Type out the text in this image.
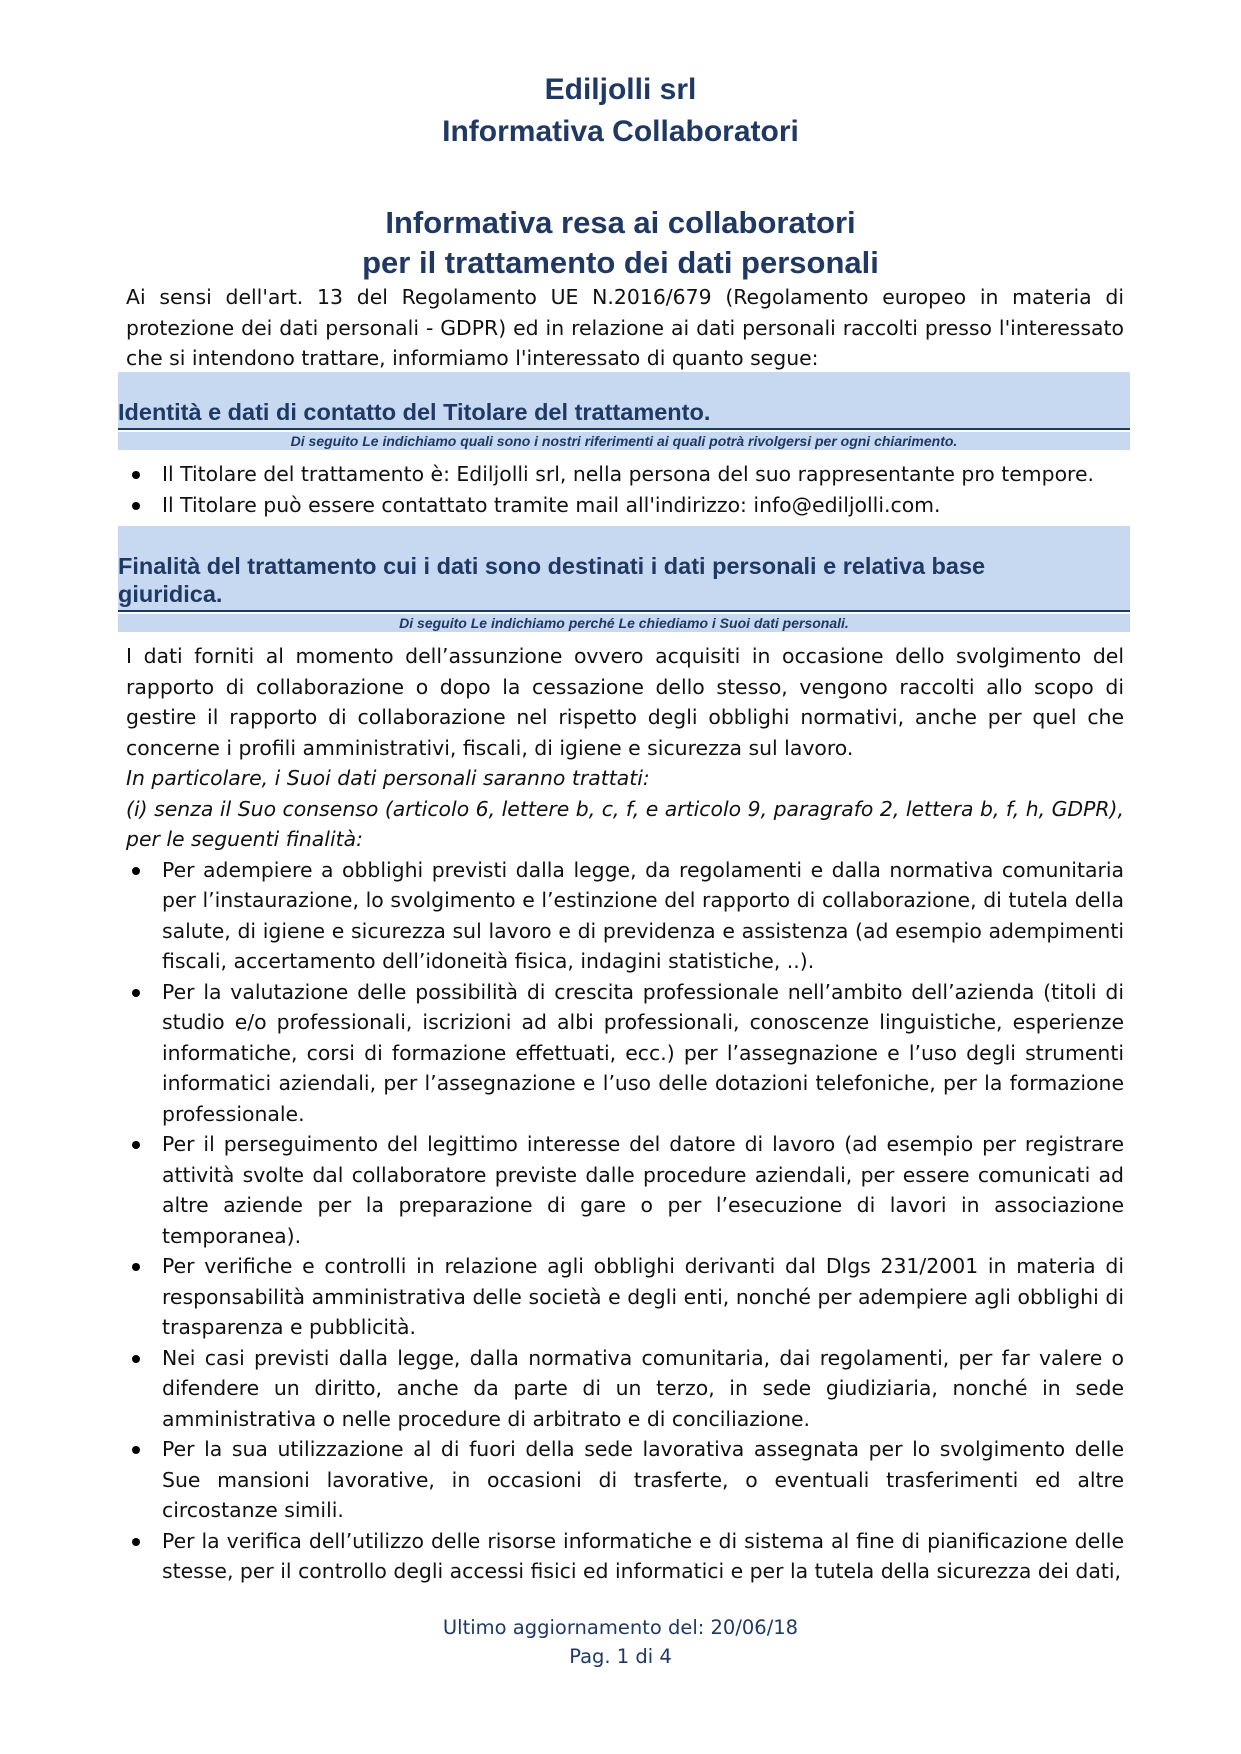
Ediljolli srl
Informativa Collaboratori
Informativa resa ai collaboratori
per il trattamento dei dati personali

Ai sensi dell'art. 13 del Regolamento UE N.2016/679 (Regolamento europeo in materia di protezione dei dati personali - GDPR) ed in relazione ai dati personali raccolti presso l'interessato che si intendono trattare, informiamo l'interessato di quanto segue:

Identità e dati di contatto del Titolare del trattamento.
Di seguito Le indichiamo quali sono i nostri riferimenti ai quali potrà rivolgersi per ogni chiarimento.
Il Titolare del trattamento è: Ediljolli srl, nella persona del suo rappresentante pro tempore.
Il Titolare può essere contattato tramite mail all'indirizzo: info@ediljolli.com.
Finalità del trattamento cui i dati sono destinati i dati personali e relativa base
giuridica.
Di seguito Le indichiamo perché Le chiediamo i Suoi dati personali.

I dati forniti al momento dell’assunzione ovvero acquisiti in occasione dello svolgimento del rapporto di collaborazione o dopo la cessazione dello stesso, vengono raccolti allo scopo di gestire il rapporto di collaborazione nel rispetto degli obblighi normativi, anche per quel che concerne i profili amministrativi, fiscali, di igiene e sicurezza sul lavoro.

In particolare, i Suoi dati personali saranno trattati:

(i) senza il Suo consenso (articolo 6, lettere b, c, f, e articolo 9, paragrafo 2, lettera b, f, h, GDPR), per le seguenti finalità:

Per adempiere a obblighi previsti dalla legge, da regolamenti e dalla normativa comunitaria per l’instaurazione, lo svolgimento e l’estinzione del rapporto di collaborazione, di tutela della salute, di igiene e sicurezza sul lavoro e di previdenza e assistenza (ad esempio adempimenti fiscali, accertamento dell’idoneità fisica, indagini statistiche, ..).
Per la valutazione delle possibilità di crescita professionale nell’ambito dell’azienda (titoli di studio e/o professionali, iscrizioni ad albi professionali, conoscenze linguistiche, esperienze informatiche, corsi di formazione effettuati, ecc.) per l’assegnazione e l’uso degli strumenti informatici aziendali, per l’assegnazione e l’uso delle dotazioni telefoniche, per la formazione professionale.
Per il perseguimento del legittimo interesse del datore di lavoro (ad esempio per registrare attività svolte dal collaboratore previste dalle procedure aziendali, per essere comunicati ad altre aziende per la preparazione di gare o per l’esecuzione di lavori in associazione temporanea).
Per verifiche e controlli in relazione agli obblighi derivanti dal Dlgs 231/2001 in materia di responsabilità amministrativa delle società e degli enti, nonché per adempiere agli obblighi di trasparenza e pubblicità.
Nei casi previsti dalla legge, dalla normativa comunitaria, dai regolamenti, per far valere o difendere un diritto, anche da parte di un terzo, in sede giudiziaria, nonché in sede amministrativa o nelle procedure di arbitrato e di conciliazione.
Per la sua utilizzazione al di fuori della sede lavorativa assegnata per lo svolgimento delle Sue mansioni lavorative, in occasioni di trasferte, o eventuali trasferimenti ed altre circostanze simili.
Per la verifica dell’utilizzo delle risorse informatiche e di sistema al fine di pianificazione delle stesse, per il controllo degli accessi fisici ed informatici e per la tutela della sicurezza dei dati,
Ultimo aggiornamento del: 20/06/18
Pag. 1 di 4
